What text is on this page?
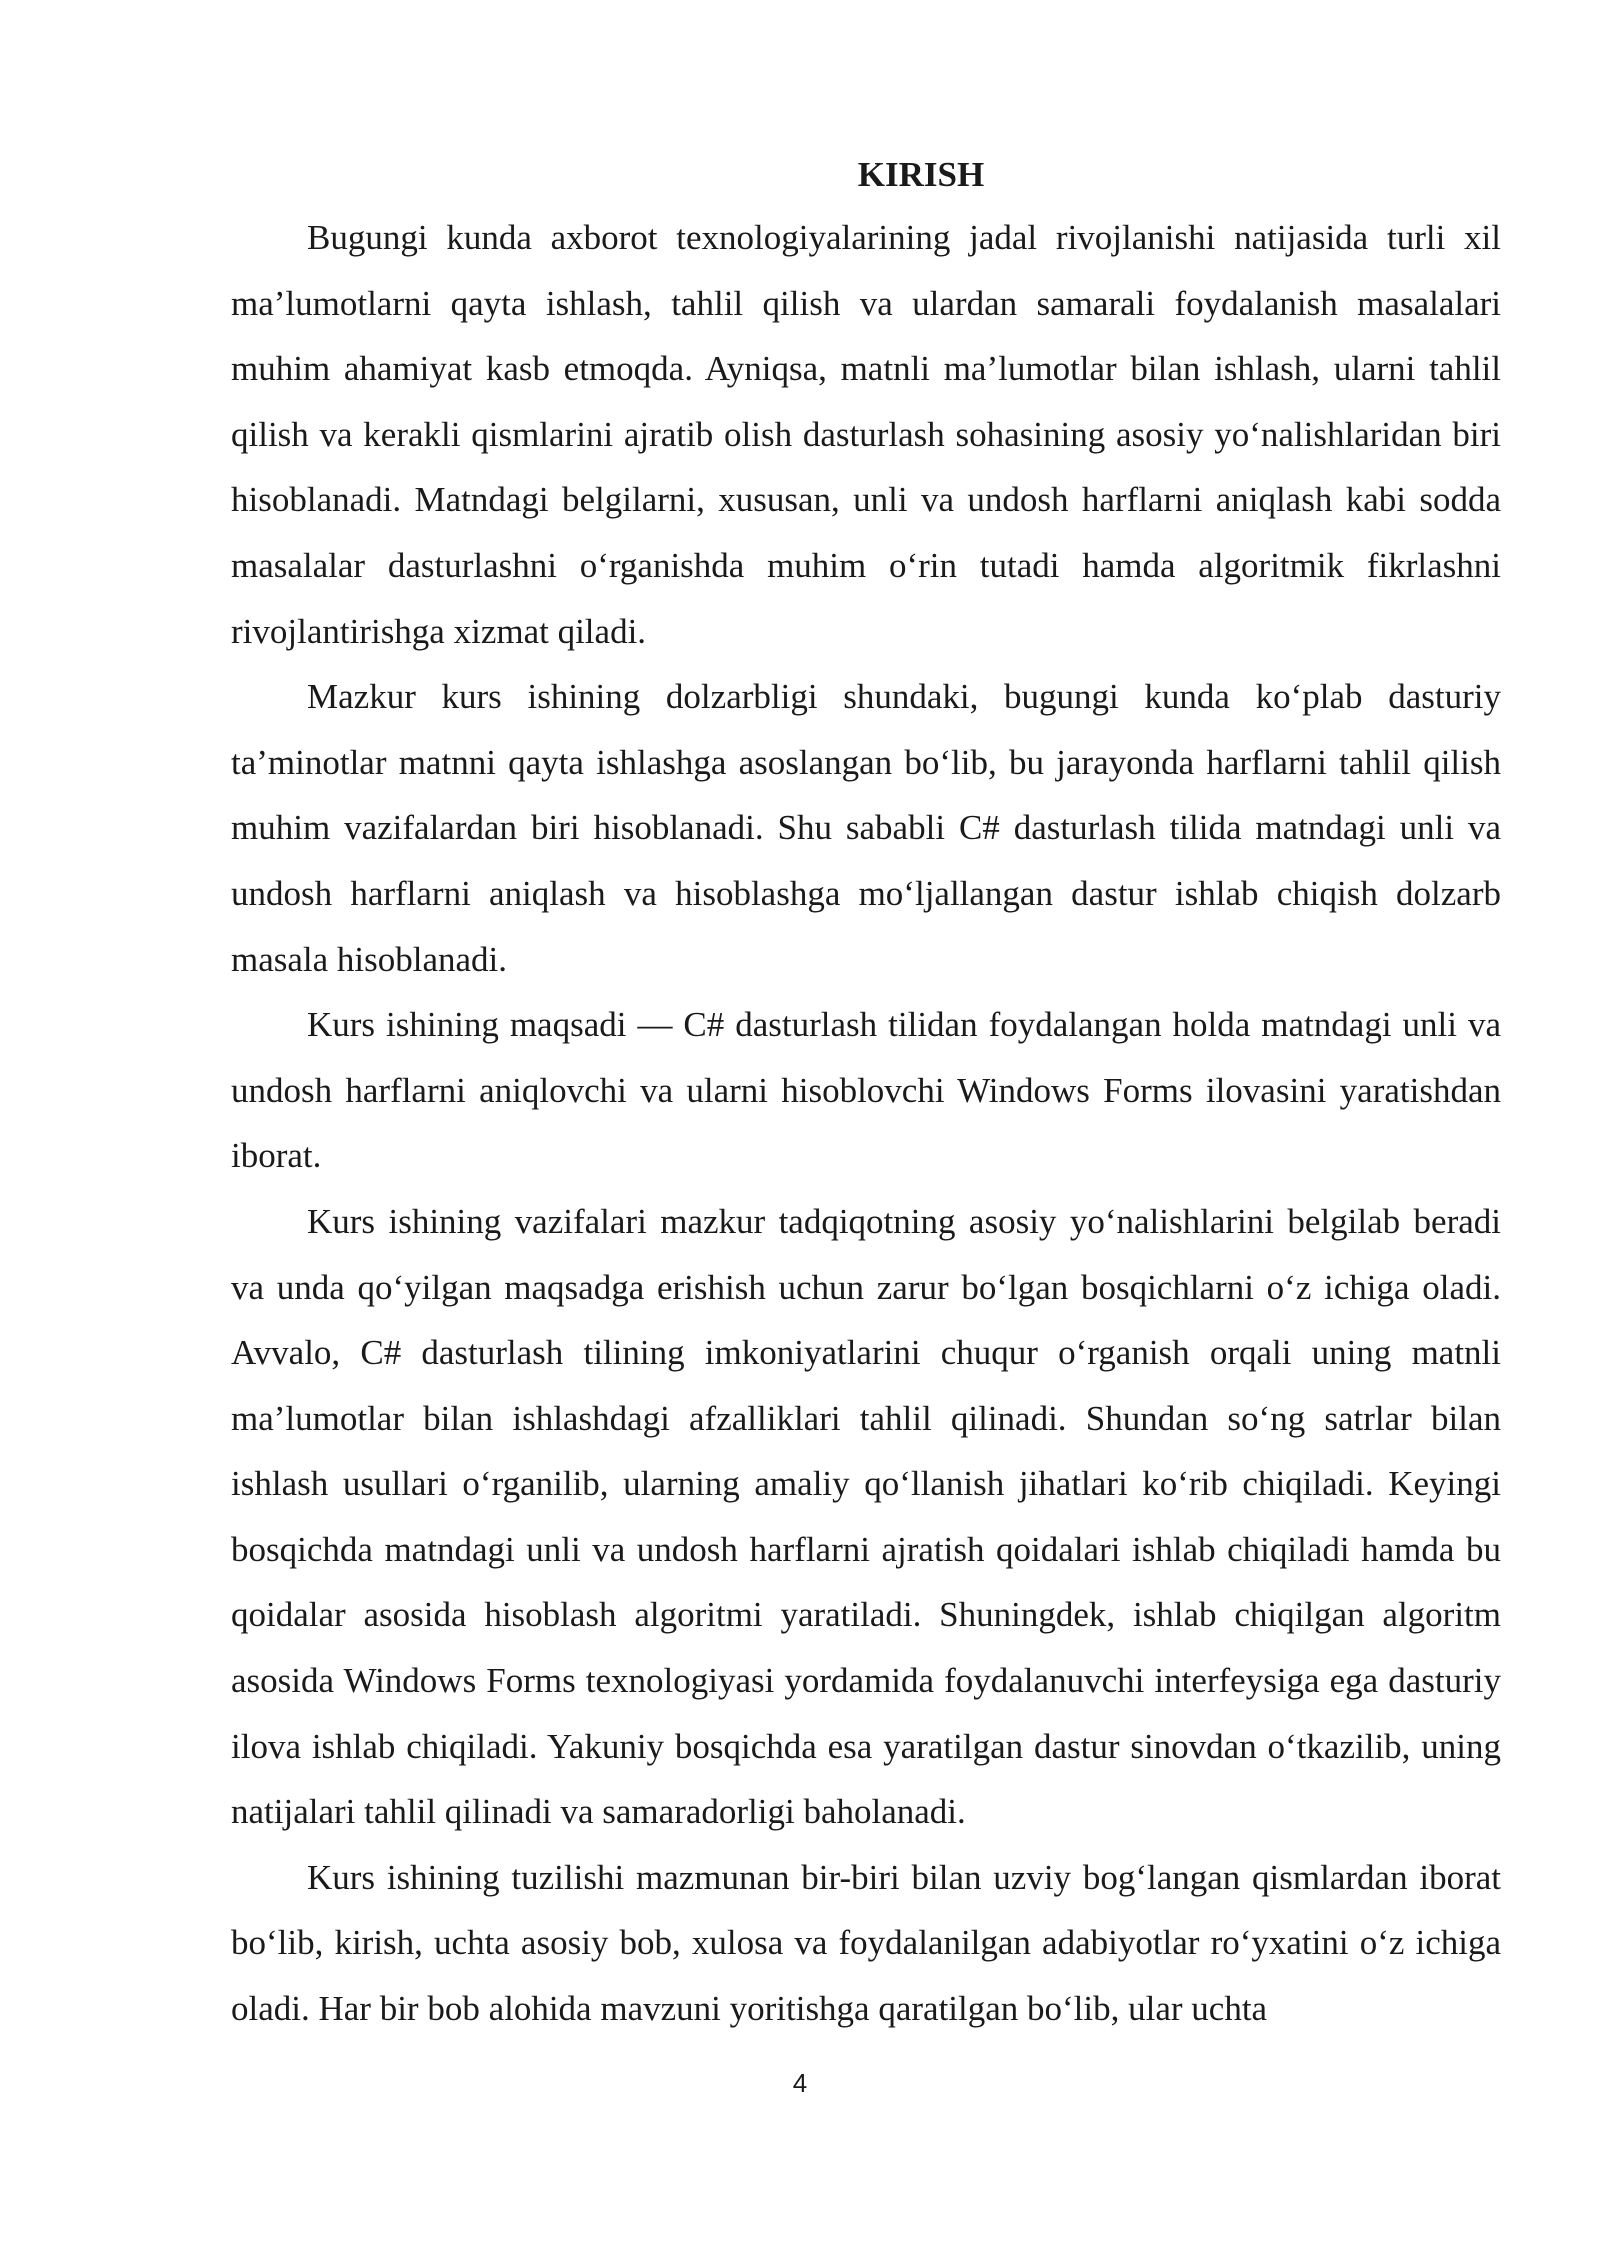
KIRISH

Bugungi kunda axborot texnologiyalarining jadal rivojlanishi natijasida turli xil ma’lumotlarni qayta ishlash, tahlil qilish va ulardan samarali foydalanish masalalari muhim ahamiyat kasb etmoqda. Ayniqsa, matnli ma’lumotlar bilan ishlash, ularni tahlil qilish va kerakli qismlarini ajratib olish dasturlash sohasining asosiy yo‘nalishlaridan biri hisoblanadi. Matndagi belgilarni, xususan, unli va undosh harflarni aniqlash kabi sodda masalalar dasturlashni o‘rganishda muhim o‘rin tutadi hamda algoritmik fikrlashni rivojlantirishga xizmat qiladi.

Mazkur kurs ishining dolzarbligi shundaki, bugungi kunda ko‘plab dasturiy ta’minotlar matnni qayta ishlashga asoslangan bo‘lib, bu jarayonda harflarni tahlil qilish muhim vazifalardan biri hisoblanadi. Shu sababli C# dasturlash tilida matndagi unli va undosh harflarni aniqlash va hisoblashga mo‘ljallangan dastur ishlab chiqish dolzarb masala hisoblanadi.

Kurs ishining maqsadi — C# dasturlash tilidan foydalangan holda matndagi unli va undosh harflarni aniqlovchi va ularni hisoblovchi Windows Forms ilovasini yaratishdan iborat.

Kurs ishining vazifalari mazkur tadqiqotning asosiy yo‘nalishlarini belgilab beradi va unda qo‘yilgan maqsadga erishish uchun zarur bo‘lgan bosqichlarni o‘z ichiga oladi. Avvalo, C# dasturlash tilining imkoniyatlarini chuqur o‘rganish orqali uning matnli ma’lumotlar bilan ishlashdagi afzalliklari tahlil qilinadi. Shundan so‘ng satrlar bilan ishlash usullari o‘rganilib, ularning amaliy qo‘llanish jihatlari ko‘rib chiqiladi. Keyingi bosqichda matndagi unli va undosh harflarni ajratish qoidalari ishlab chiqiladi hamda bu qoidalar asosida hisoblash algoritmi yaratiladi. Shuningdek, ishlab chiqilgan algoritm asosida Windows Forms texnologiyasi yordamida foydalanuvchi interfeysiga ega dasturiy ilova ishlab chiqiladi. Yakuniy bosqichda esa yaratilgan dastur sinovdan o‘tkazilib, uning natijalari tahlil qilinadi va samaradorligi baholanadi.

Kurs ishining tuzilishi mazmunan bir-biri bilan uzviy bog‘langan qismlardan iborat bo‘lib, kirish, uchta asosiy bob, xulosa va foydalanilgan adabiyotlar ro‘yxatini o‘z ichiga oladi. Har bir bob alohida mavzuni yoritishga qaratilgan bo‘lib, ular uchta

4
